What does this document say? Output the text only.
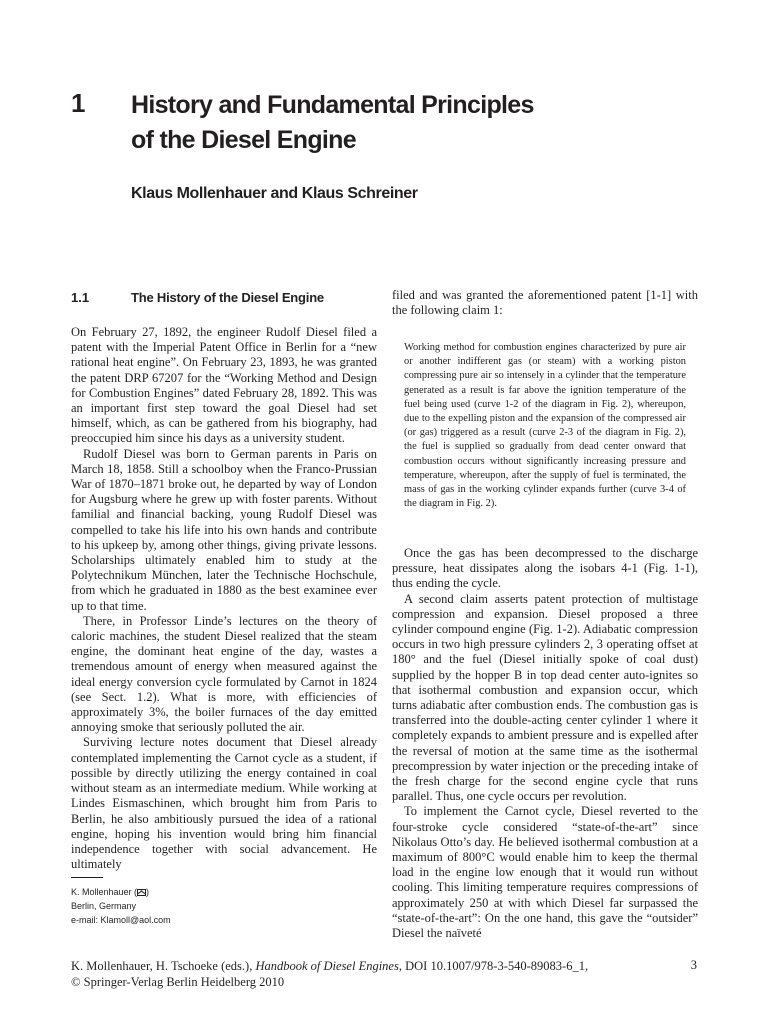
1 History and Fundamental Principles
of the Diesel Engine
Klaus Mollenhauer and Klaus Schreiner
1.1	The History of the Diesel Engine

On February 27, 1892, the engineer Rudolf Diesel filed a patent with the Imperial Patent Office in Berlin for a “new rational heat engine”. On February 23, 1893, he was granted the patent DRP 67207 for the “Working Method and Design for Combustion Engines” dated February 28, 1892. This was an important first step toward the goal Diesel had set himself, which, as can be gathered from his biography, had preoccupied him since his days as a university student.

Rudolf Diesel was born to German parents in Paris on March 18, 1858. Still a schoolboy when the Franco-Prussian War of 1870–1871 broke out, he departed by way of London for Augsburg where he grew up with foster parents. Without familial and financial backing, young Rudolf Diesel was compelled to take his life into his own hands and contribute to his upkeep by, among other things, giving private lessons. Scholarships ultimately enabled him to study at the Polytechnikum München, later the Technische Hochschule, from which he graduated in 1880 as the best examinee ever up to that time.

There, in Professor Linde’s lectures on the theory of caloric machines, the student Diesel realized that the steam engine, the dominant heat engine of the day, wastes a tremendous amount of energy when measured against the ideal energy conversion cycle formulated by Carnot in 1824 (see Sect. 1.2). What is more, with efficiencies of approximately 3%, the boiler furnaces of the day emitted annoying smoke that seriously polluted the air.

Surviving lecture notes document that Diesel already contemplated implementing the Carnot cycle as a student, if possible by directly utilizing the energy contained in coal without steam as an intermediate medium. While working at Lindes Eismaschinen, which brought him from Paris to Berlin, he also ambitiously pursued the idea of a rational engine, hoping his invention would bring him financial independence together with social advancement. He ultimately

filed and was granted the aforementioned patent [1-1] with the following claim 1:

Working method for combustion engines characterized by pure air or another indifferent gas (or steam) with a working piston compressing pure air so intensely in a cylinder that the temperature generated as a result is far above the ignition temperature of the fuel being used (curve 1-2 of the diagram in Fig. 2), whereupon, due to the expelling piston and the expansion of the compressed air (or gas) triggered as a result (curve 2-3 of the diagram in Fig. 2), the fuel is supplied so gradually from dead center onward that combustion occurs without significantly increasing pressure and temperature, whereupon, after the supply of fuel is terminated, the mass of gas in the working cylinder expands further (curve 3-4 of the diagram in Fig. 2).

Once the gas has been decompressed to the discharge pressure, heat dissipates along the isobars 4-1 (Fig. 1-1), thus ending the cycle.

A second claim asserts patent protection of multistage compression and expansion. Diesel proposed a three cylinder compound engine (Fig. 1-2). Adiabatic compression occurs in two high pressure cylinders 2, 3 operating offset at 180° and the fuel (Diesel initially spoke of coal dust) supplied by the hopper B in top dead center auto-ignites so that isothermal combustion and expansion occur, which turns adiabatic after combustion ends. The combustion gas is transferred into the double-acting center cylinder 1 where it completely expands to ambient pressure and is expelled after the reversal of motion at the same time as the isothermal precompression by water injection or the preceding intake of the fresh charge for the second engine cycle that runs parallel. Thus, one cycle occurs per revolution.

To implement the Carnot cycle, Diesel reverted to the four-stroke cycle considered “state-of-the-art” since Nikolaus Otto’s day. He believed isothermal combustion at a maximum of 800°C would enable him to keep the thermal load in the engine low enough that it would run without cooling. This limiting temperature requires compressions of approximately 250 at with which Diesel far surpassed the “state-of-the-art”: On the one hand, this gave the “outsider” Diesel the naïveté

K. Mollenhauer ( )
Berlin, Germany
e-mail: Klamoll@aol.com
K. Mollenhauer, H. Tschoeke (eds.), Handbook of Diesel Engines, DOI 10.1007/978-3-540-89083-6_1,
© Springer-Verlag Berlin Heidelberg 2010
3
